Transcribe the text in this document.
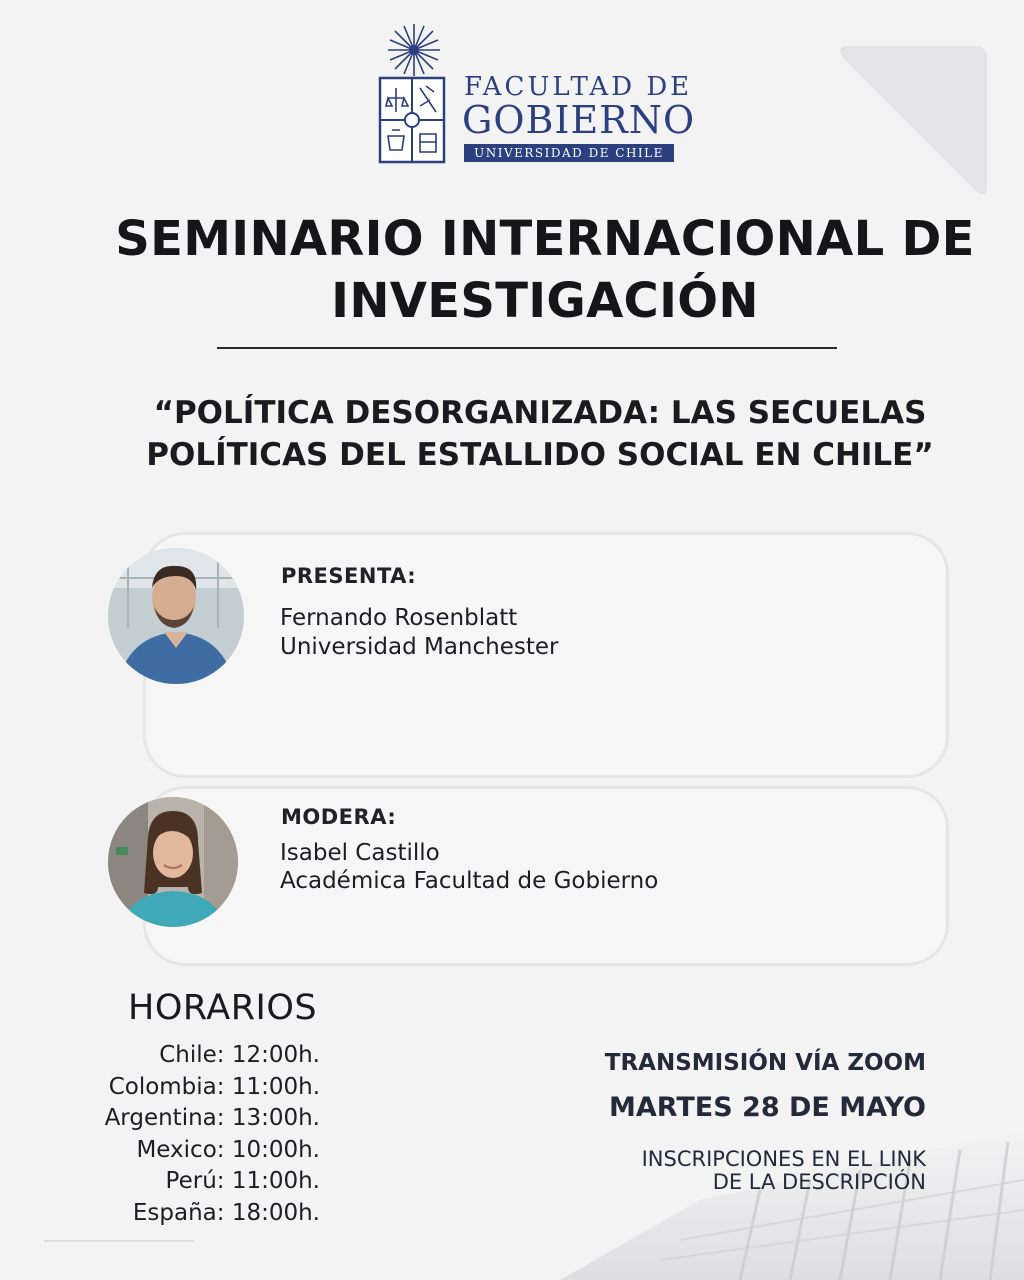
FACULTAD DE
GOBIERNO
UNIVERSIDAD DE CHILE
SEMINARIO INTERNACIONAL DE INVESTIGACIÓN
“POLÍTICA DESORGANIZADA: LAS SECUELAS POLÍTICAS DEL ESTALLIDO SOCIAL EN CHILE”
PRESENTA:
Fernando Rosenblatt
Universidad Manchester
MODERA:
Isabel Castillo
Académica Facultad de Gobierno
HORARIOS
Chile: 12:00h.
Colombia: 11:00h.
Argentina: 13:00h.
Mexico: 10:00h.
Perú: 11:00h.
España: 18:00h.
TRANSMISIÓN VÍA ZOOM
MARTES 28 DE MAYO
INSCRIPCIONES EN EL LINK
DE LA DESCRIPCIÓN
